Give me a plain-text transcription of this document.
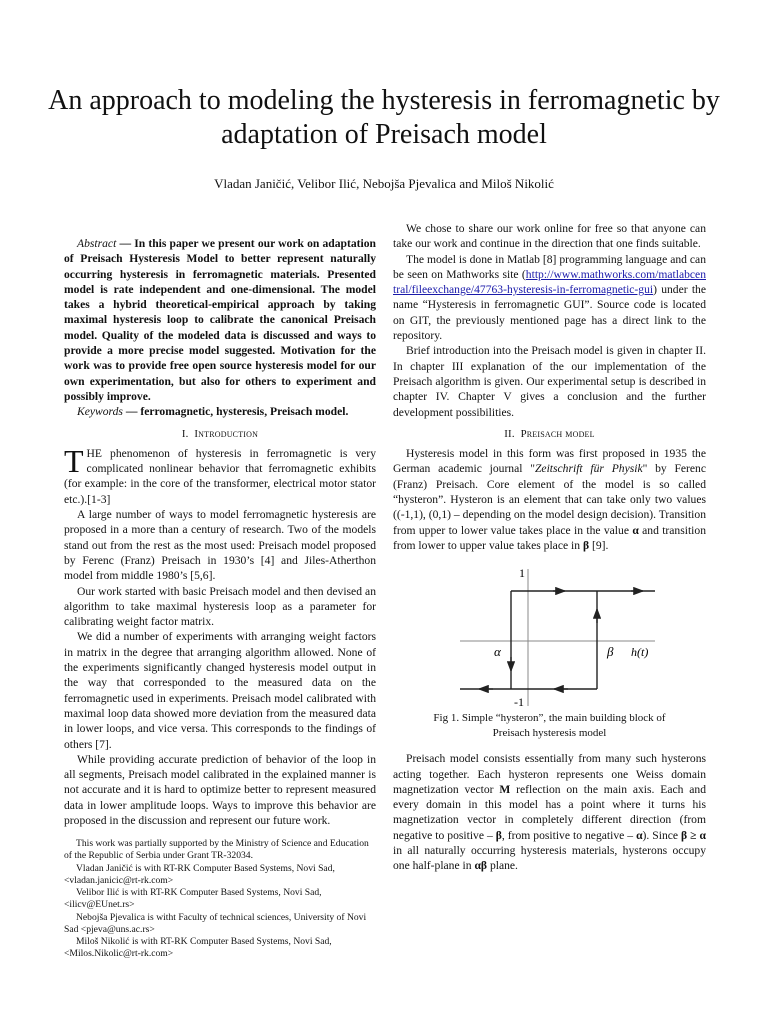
An approach to modeling the hysteresis in ferromagnetic by adaptation of Preisach model
Vladan Janičić, Velibor Ilić, Nebojša Pjevalica and Miloš Nikolić

Abstract — In this paper we present our work on adaptation of Preisach Hysteresis Model to better represent naturally occurring hysteresis in ferromagnetic materials. Presented model is rate independent and one-dimensional. The model takes a hybrid theoretical-empirical approach by taking maximal hysteresis loop to calibrate the canonical Preisach model. Quality of the modeled data is discussed and ways to provide a more precise model suggested. Motivation for the work was to provide free open source hysteresis model for our own experimentation, but also for others to experiment and possibly improve.

Keywords — ferromagnetic, hysteresis, Preisach model.

I. Introduction

THE phenomenon of hysteresis in ferromagnetic is very complicated nonlinear behavior that ferromagnetic exhibits (for example: in the core of the transformer, electrical motor stator etc.).[1-3]

A large number of ways to model ferromagnetic hysteresis are proposed in a more than a century of research. Two of the models stand out from the rest as the most used: Preisach model proposed by Ferenc (Franz) Preisach in 1930’s [4] and Jiles-Atherthon model from middle 1980’s [5,6].

Our work started with basic Preisach model and then devised an algorithm to take maximal hysteresis loop as a parameter for calibrating weight factor matrix.

We did a number of experiments with arranging weight factors in matrix in the degree that arranging algorithm allowed. None of the experiments significantly changed hysteresis model output in the way that corresponded to the measured data on the ferromagnetic used in experiments. Preisach model calibrated with maximal loop data showed more deviation from the measured data in lower loops, and vice versa. This corresponds to the findings of others [7].

While providing accurate prediction of behavior of the loop in all segments, Preisach model calibrated in the explained manner is not accurate and it is hard to optimize better to represent measured data in lower amplitude loops. Ways to improve this behavior are proposed in the discussion and represent our future work.

This work was partially supported by the Ministry of Science and Education of the Republic of Serbia under Grant TR-32034.

Vladan Janičić is with RT-RK Computer Based Systems, Novi Sad, <vladan.janicic@rt-rk.com>

Velibor Ilić is with RT-RK Computer Based Systems, Novi Sad, <ilicv@EUnet.rs>

Nebojša Pjevalica is witht Faculty of technical sciences, University of Novi Sad <pjeva@uns.ac.rs>

Miloš Nikolić is with RT-RK Computer Based Systems, Novi Sad, <Milos.Nikolic@rt-rk.com>

We chose to share our work online for free so that anyone can take our work and continue in the direction that one finds suitable.

The model is done in Matlab [8] programming language and can be seen on Mathworks site (http://www.mathworks.com/matlabcentral/fileexchange/47763-hysteresis-in-ferromagnetic-gui) under the name “Hysteresis in ferromagnetic GUI”. Source code is located on GIT, the previously mentioned page has a direct link to the repository.

Brief introduction into the Preisach model is given in chapter II. In chapter III explanation of the our implementation of the Preisach algorithm is given. Our experimental setup is described in chapter IV. Chapter V gives a conclusion and the further development possibilities.

II. Preisach model

Hysteresis model in this form was first proposed in 1935 the German academic journal "Zeitschrift für Physik" by Ferenc (Franz) Preisach. Core element of the model is so called “hysteron”. Hysteron is an element that can take only two values ((-1,1), (0,1) – depending on the model design decision). Transition from upper to lower value takes place in the value α and transition from lower to upper value takes place in β [9].

1
-1
α	β h(t)
Fig 1. Simple “hysteron”, the main building block of
Preisach hysteresis model

Preisach model consists essentially from many such hysterons acting together. Each hysteron represents one Weiss domain magnetization vector M reflection on the main axis. Each and every domain in this model has a point where it turns his magnetization vector in completely different direction (from negative to positive – β, from positive to negative – α). Since β ≥ α in all naturally occurring hysteresis materials, hysterons occupy one half-plane in αβ plane.
